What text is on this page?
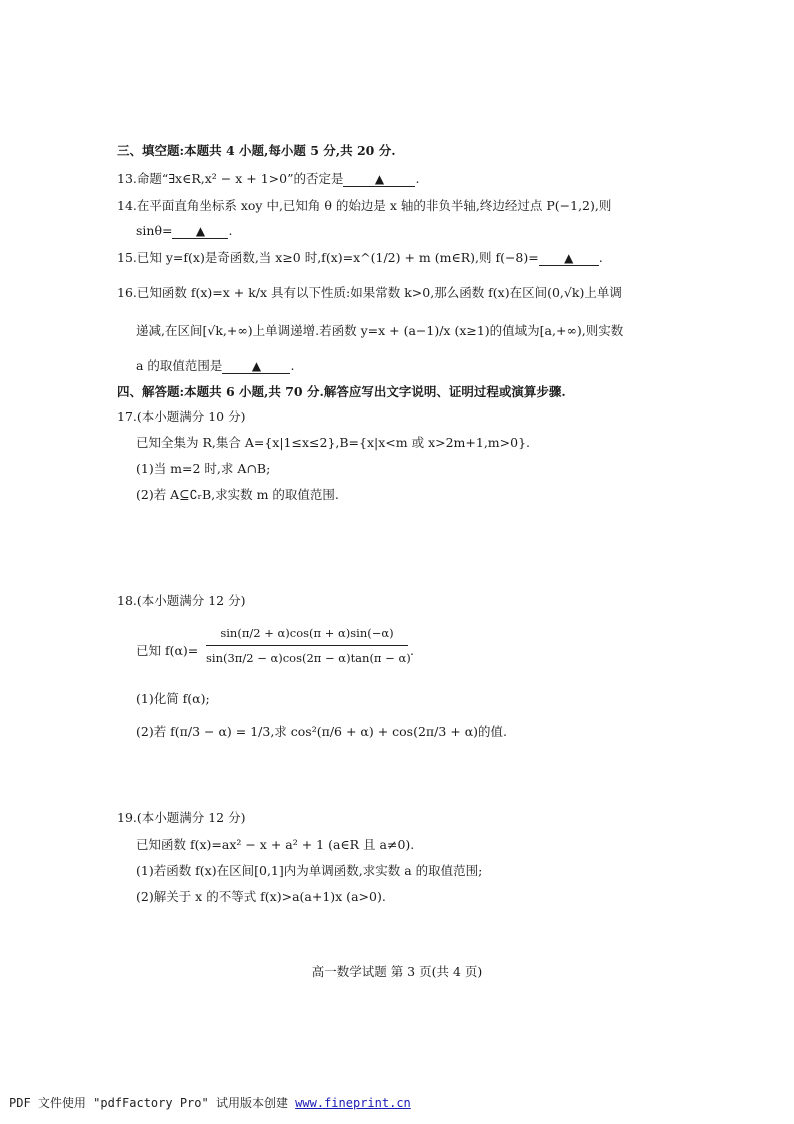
三、填空题:本题共 4 小题,每小题 5 分,共 20 分.
13.命题“∃x∈R,x² − x + 1>0”的否定是	▲	.
14.在平面直角坐标系 xoy 中,已知角 θ 的始边是 x 轴的非负半轴,终边经过点 P(−1,2),则
sinθ= ▲ .
15.已知 y=f(x)是奇函数,当 x≥0 时,f(x)=x^(1/2) + m (m∈R),则 f(−8)= ▲ .
16.已知函数 f(x)=x + k/x 具有以下性质:如果常数 k>0,那么函数 f(x)在区间(0,√k)上单调
递减,在区间[√k,+∞)上单调递增.若函数 y=x + (a−1)/x (x≥1)的值域为[a,+∞),则实数
a 的取值范围是 ▲ .
四、解答题:本题共 6 小题,共 70 分.解答应写出文字说明、证明过程或演算步骤.
17.(本小题满分 10 分)
已知全集为 R,集合 A={x|1≤x≤2},B={x|x<m 或 x>2m+1,m>0}.
(1)当 m=2 时,求 A∩B;
(2)若 A⊆∁ᵣB,求实数 m 的取值范围.
18.(本小题满分 12 分)
已知 f(α)=
sin(π/2 + α)cos(π + α)sin(−α)
sin(3π/2 − α)cos(2π − α)tan(π − α) .
(1)化简 f(α);
(2)若 f(π/3 − α) = 1/3,求 cos²(π/6 + α) + cos(2π/3 + α)的值.
19.(本小题满分 12 分)
已知函数 f(x)=ax² − x + a² + 1 (a∈R 且 a≠0).
(1)若函数 f(x)在区间[0,1]内为单调函数,求实数 a 的取值范围;
(2)解关于 x 的不等式 f(x)>a(a+1)x (a>0).
高一数学试题 第 3 页(共 4 页)
PDF 文件使用 "pdfFactory Pro" 试用版本创建 www.fineprint.cn
